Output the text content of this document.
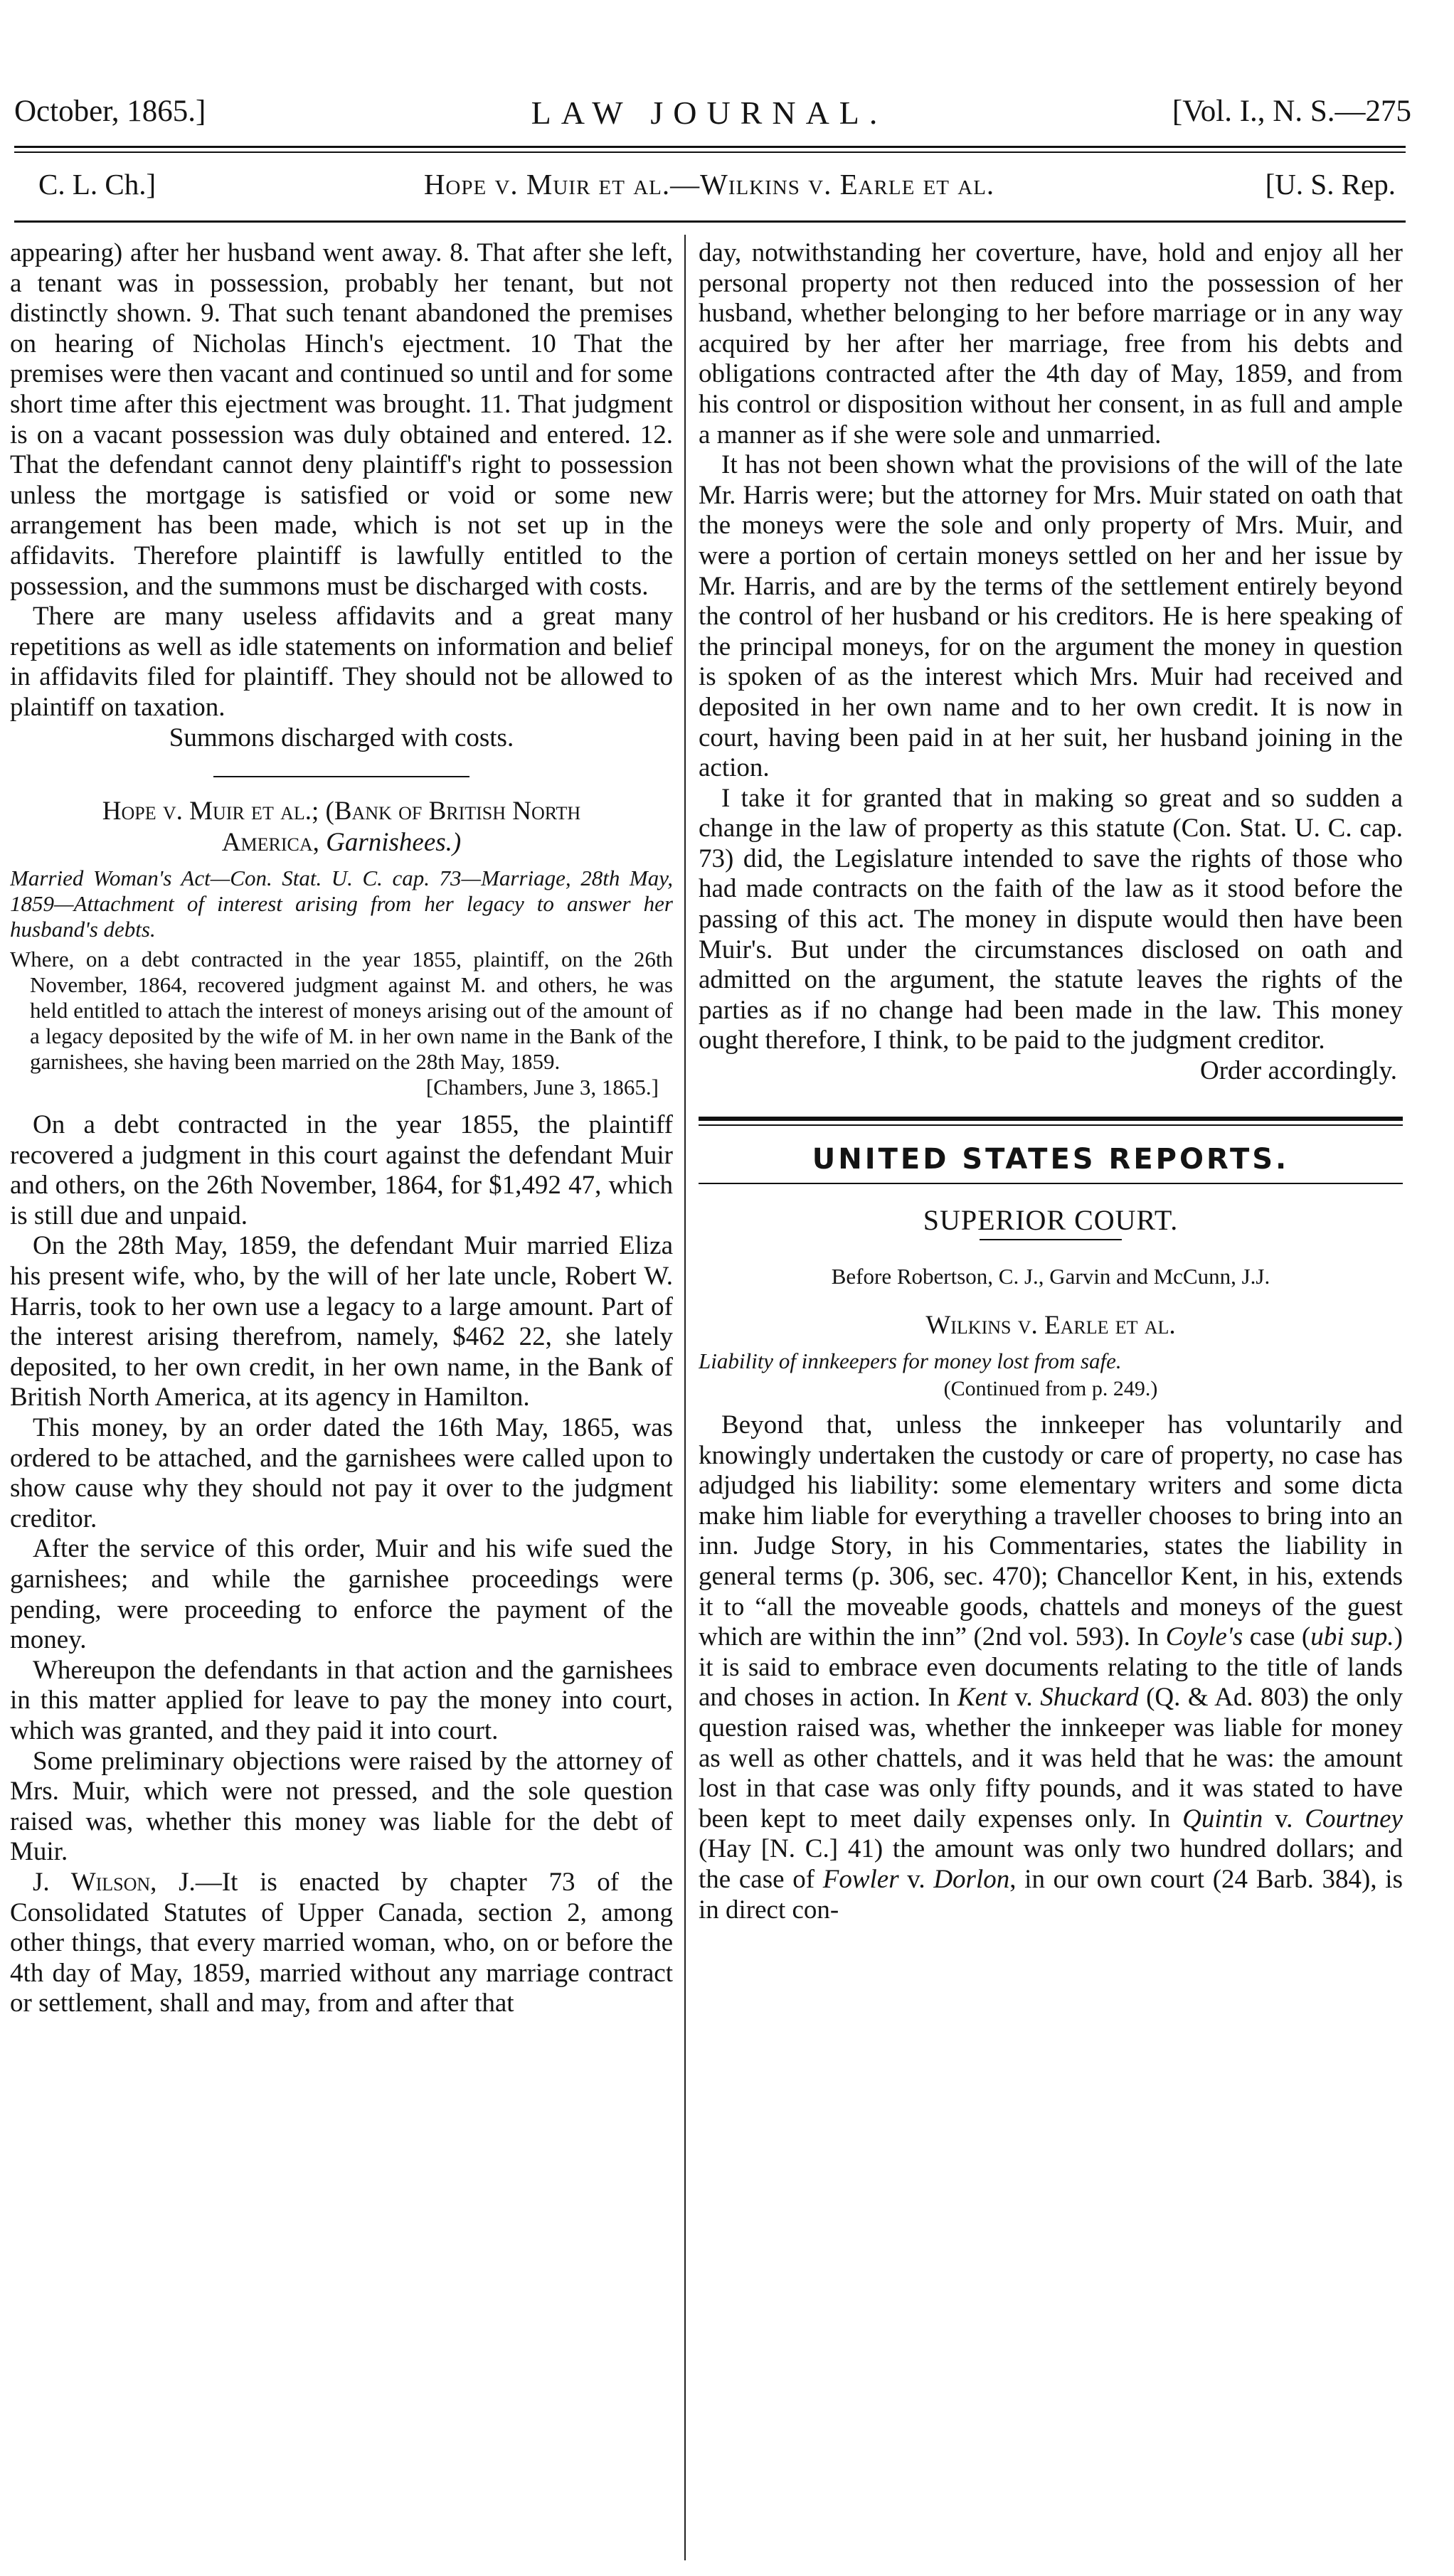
October, 1865.]	LAW JOURNAL.	[Vol. I., N. S.—275
C. L. Ch.]	Hope v. Muir et al.—Wilkins v. Earle et al.	[U. S. Rep.

appearing) after her husband went away. 8. That after she left, a tenant was in possession, probably her tenant, but not distinctly shown. 9. That such tenant abandoned the premises on hearing of Nicholas Hinch's ejectment. 10 That the premises were then vacant and continued so until and for some short time after this ejectment was brought. 11. That judgment is on a vacant possession was duly obtained and entered. 12. That the defendant cannot deny plaintiff's right to possession unless the mortgage is satisfied or void or some new arrangement has been made, which is not set up in the affidavits. Therefore plaintiff is lawfully entitled to the possession, and the summons must be discharged with costs.

There are many useless affidavits and a great many repetitions as well as idle statements on information and belief in affidavits filed for plaintiff. They should not be allowed to plaintiff on taxation.

Summons discharged with costs.

Hope v. Muir et al.; (Bank of British North
America, Garnishees.)

Married Woman's Act—Con. Stat. U. C. cap. 73—Marriage, 28th May, 1859—Attachment of interest arising from her legacy to answer her husband's debts.

Where, on a debt contracted in the year 1855, plaintiff, on the 26th November, 1864, recovered judgment against M. and others, he was held entitled to attach the interest of moneys arising out of the amount of a legacy deposited by the wife of M. in her own name in the Bank of the garnishees, she having been married on the 28th May, 1859.

[Chambers, June 3, 1865.]

On a debt contracted in the year 1855, the plaintiff recovered a judgment in this court against the defendant Muir and others, on the 26th November, 1864, for $1,492 47, which is still due and unpaid.

On the 28th May, 1859, the defendant Muir married Eliza his present wife, who, by the will of her late uncle, Robert W. Harris, took to her own use a legacy to a large amount. Part of the interest arising therefrom, namely, $462 22, she lately deposited, to her own credit, in her own name, in the Bank of British North America, at its agency in Hamilton.

This money, by an order dated the 16th May, 1865, was ordered to be attached, and the garnishees were called upon to show cause why they should not pay it over to the judgment creditor.

After the service of this order, Muir and his wife sued the garnishees; and while the garnishee proceedings were pending, were proceeding to enforce the payment of the money.

Whereupon the defendants in that action and the garnishees in this matter applied for leave to pay the money into court, which was granted, and they paid it into court.

Some preliminary objections were raised by the attorney of Mrs. Muir, which were not pressed, and the sole question raised was, whether this money was liable for the debt of Muir.

J. Wilson, J.—It is enacted by chapter 73 of the Consolidated Statutes of Upper Canada, section 2, among other things, that every married woman, who, on or before the 4th day of May, 1859, married without any marriage contract or settlement, shall and may, from and after that

day, notwithstanding her coverture, have, hold and enjoy all her personal property not then reduced into the possession of her husband, whether belonging to her before marriage or in any way acquired by her after her marriage, free from his debts and obligations contracted after the 4th day of May, 1859, and from his control or disposition without her consent, in as full and ample a manner as if she were sole and unmarried.

It has not been shown what the provisions of the will of the late Mr. Harris were; but the attorney for Mrs. Muir stated on oath that the moneys were the sole and only property of Mrs. Muir, and were a portion of certain moneys settled on her and her issue by Mr. Harris, and are by the terms of the settlement entirely beyond the control of her husband or his creditors. He is here speaking of the principal moneys, for on the argument the money in question is spoken of as the interest which Mrs. Muir had received and deposited in her own name and to her own credit. It is now in court, having been paid in at her suit, her husband joining in the action.

I take it for granted that in making so great and so sudden a change in the law of property as this statute (Con. Stat. U. C. cap. 73) did, the Legislature intended to save the rights of those who had made contracts on the faith of the law as it stood before the passing of this act. The money in dispute would then have been Muir's. But under the circumstances disclosed on oath and admitted on the argument, the statute leaves the rights of the parties as if no change had been made in the law. This money ought therefore, I think, to be paid to the judgment creditor.

Order accordingly.

UNITED STATES REPORTS.

SUPERIOR COURT.

Before Robertson, C. J., Garvin and McCunn, J.J.

Wilkins v. Earle et al.

Liability of innkeepers for money lost from safe.

(Continued from p. 249.)

Beyond that, unless the innkeeper has voluntarily and knowingly undertaken the custody or care of property, no case has adjudged his liability: some elementary writers and some dicta make him liable for everything a traveller chooses to bring into an inn. Judge Story, in his Commentaries, states the liability in general terms (p. 306, sec. 470); Chancellor Kent, in his, extends it to “all the moveable goods, chattels and moneys of the guest which are within the inn” (2nd vol. 593). In Coyle's case (ubi sup.) it is said to embrace even documents relating to the title of lands and choses in action. In Kent v. Shuckard (Q. & Ad. 803) the only question raised was, whether the innkeeper was liable for money as well as other chattels, and it was held that he was: the amount lost in that case was only fifty pounds, and it was stated to have been kept to meet daily expenses only. In Quintin v. Courtney (Hay [N. C.] 41) the amount was only two hundred dollars; and the case of Fowler v. Dorlon, in our own court (24 Barb. 384), is in direct con-
